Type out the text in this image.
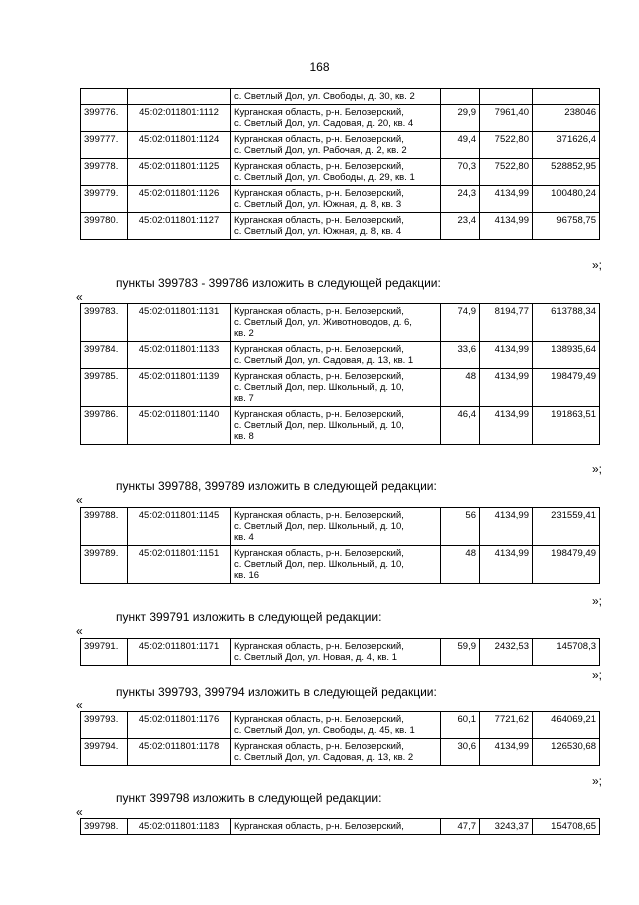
168

		с. Светлый Дол, ул. Свободы, д. 30, кв. 2			

399776.	45:02:011801:1112	Курганская область, р-н. Белозерский,
с. Светлый Дол, ул. Садовая, д. 20, кв. 4	29,9	7961,40	238046
399777.	45:02:011801:1124	Курганская область, р-н. Белозерский,
с. Светлый Дол, ул. Рабочая, д. 2, кв. 2	49,4	7522,80	371626,4
399778.	45:02:011801:1125	Курганская область, р-н. Белозерский,
с. Светлый Дол, ул. Свободы, д. 29, кв. 1	70,3	7522,80	528852,95
399779.	45:02:011801:1126	Курганская область, р-н. Белозерский,
с. Светлый Дол, ул. Южная, д. 8, кв. 3	24,3	4134,99	100480,24
399780.	45:02:011801:1127	Курганская область, р-н. Белозерский,
с. Светлый Дол, ул. Южная, д. 8, кв. 4	23,4	4134,99	96758,75
»;
пункты 399783 - 399786 изложить в следующей редакции:
«
399783.	45:02:011801:1131	Курганская область, р-н. Белозерский,
с. Светлый Дол, ул. Животноводов, д. 6,
кв. 2	74,9	8194,77	613788,34
399784.	45:02:011801:1133	Курганская область, р-н. Белозерский,
с. Светлый Дол, ул. Садовая, д. 13, кв. 1	33,6	4134,99	138935,64
399785.	45:02:011801:1139	Курганская область, р-н. Белозерский,
с. Светлый Дол, пер. Школьный, д. 10,
кв. 7	48	4134,99	198479,49
399786.	45:02:011801:1140	Курганская область, р-н. Белозерский,
с. Светлый Дол, пер. Школьный, д. 10,
кв. 8	46,4	4134,99	191863,51
»;
пункты 399788, 399789 изложить в следующей редакции:
«
399788.	45:02:011801:1145	Курганская область, р-н. Белозерский,
с. Светлый Дол, пер. Школьный, д. 10,
кв. 4	56	4134,99	231559,41
399789.	45:02:011801:1151	Курганская область, р-н. Белозерский,
с. Светлый Дол, пер. Школьный, д. 10,
кв. 16	48	4134,99	198479,49
»;
пункт 399791 изложить в следующей редакции:
«
399791.	45:02:011801:1171	Курганская область, р-н. Белозерский,
с. Светлый Дол, ул. Новая, д. 4, кв. 1
	59,9	2432,53	145708,3
»;
пункты 399793, 399794 изложить в следующей редакции:
«
399793.	45:02:011801:1176	Курганская область, р-н. Белозерский,
с. Светлый Дол, ул. Свободы, д. 45, кв. 1	60,1	7721,62	464069,21
399794.	45:02:011801:1178	Курганская область, р-н. Белозерский,
с. Светлый Дол, ул. Садовая, д. 13, кв. 2	30,6	4134,99	126530,68
»;
пункт 399798 изложить в следующей редакции:
«
399798.	45:02:011801:1183	Курганская область, р-н. Белозерский,	47,7	3243,37	154708,65
